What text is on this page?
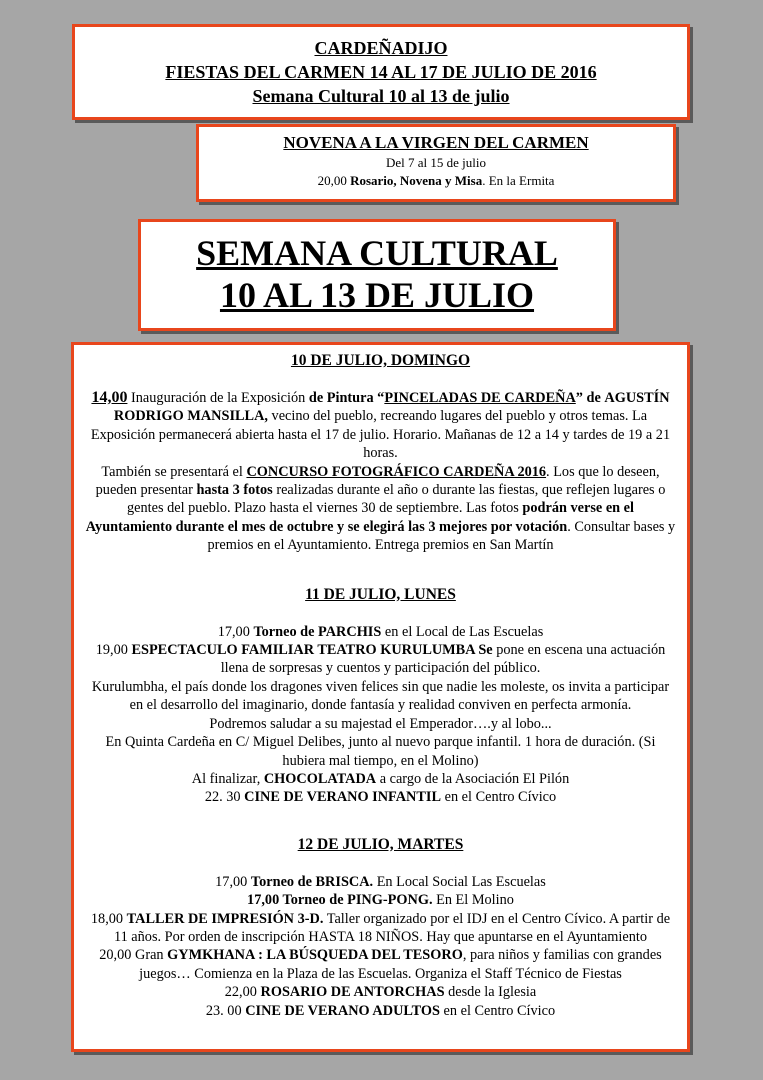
CARDEÑADIJO
FIESTAS DEL CARMEN 14 AL 17 DE JULIO DE 2016
Semana Cultural 10 al 13 de julio
NOVENA A LA VIRGEN DEL CARMEN
Del 7 al 15 de julio
20,00 Rosario, Novena y Misa. En la Ermita
SEMANA CULTURAL
10 AL 13 DE JULIO
10 DE JULIO, DOMINGO
14,00 Inauguración de la Exposición de Pintura “PINCELADAS DE CARDEÑA” de AGUSTÍN RODRIGO MANSILLA, vecino del pueblo, recreando lugares del pueblo y otros temas. La Exposición permanecerá abierta hasta el 17 de julio. Horario. Mañanas de 12 a 14 y tardes de 19 a 21 horas.
También se presentará el CONCURSO FOTOGRÁFICO CARDEÑA 2016. Los que lo deseen, pueden presentar hasta 3 fotos realizadas durante el año o durante las fiestas, que reflejen lugares o gentes del pueblo. Plazo hasta el viernes 30 de septiembre. Las fotos podrán verse en el Ayuntamiento durante el mes de octubre y se elegirá las 3 mejores por votación. Consultar bases y premios en el Ayuntamiento. Entrega premios en San Martín
11 DE JULIO, LUNES
17,00 Torneo de PARCHIS en el Local de Las Escuelas
19,00 ESPECTACULO FAMILIAR TEATRO KURULUMBA Se pone en escena una actuación llena de sorpresas y cuentos y participación del público.
Kurulumbha, el país donde los dragones viven felices sin que nadie les moleste, os invita a participar en el desarrollo del imaginario, donde fantasía y realidad conviven en perfecta armonía.
Podremos saludar a su majestad el Emperador….y al lobo...
En Quinta Cardeña en C/ Miguel Delibes, junto al nuevo parque infantil. 1 hora de duración. (Si hubiera mal tiempo, en el Molino)
Al finalizar, CHOCOLATADA a cargo de la Asociación El Pilón
22. 30 CINE DE VERANO INFANTIL en el Centro Cívico
12 DE JULIO, MARTES
17,00 Torneo de BRISCA. En Local Social Las Escuelas
17,00 Torneo de PING-PONG. En El Molino
18,00 TALLER DE IMPRESIÓN 3-D. Taller organizado por el IDJ en el Centro Cívico. A partir de 11 años. Por orden de inscripción HASTA 18 NIÑOS. Hay que apuntarse en el Ayuntamiento
20,00 Gran GYMKHANA : LA BÚSQUEDA DEL TESORO, para niños y familias con grandes juegos… Comienza en la Plaza de las Escuelas. Organiza el Staff Técnico de Fiestas
22,00 ROSARIO DE ANTORCHAS desde la Iglesia
23. 00 CINE DE VERANO ADULTOS en el Centro Cívico
